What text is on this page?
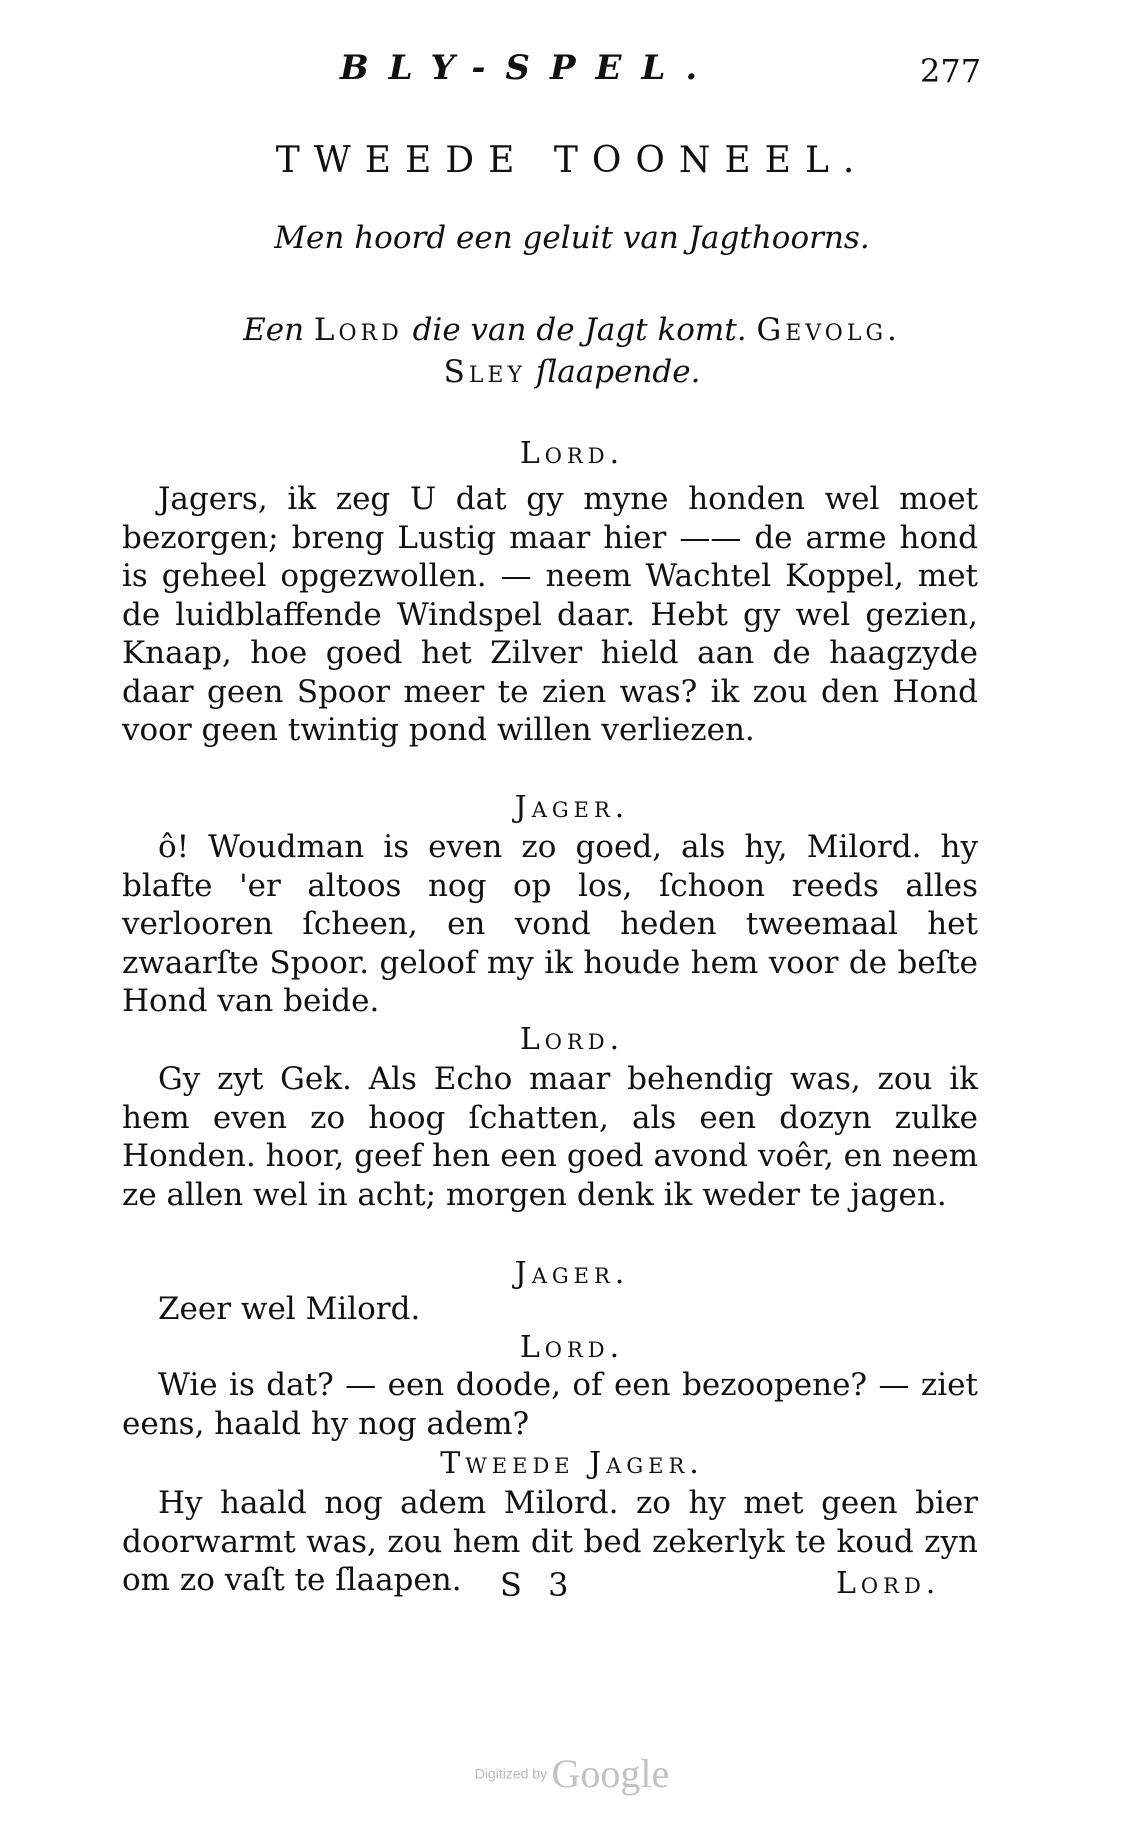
BLY-SPEL.	277
TWEEDE TOONEEL.
Men hoord een geluit van Jagthoorns.
Een Lord die van de Jagt komt. Gevolg.
Sley ſlaapende.
Lord.

Jagers, ik zeg U dat gy myne honden wel moet bezorgen; breng Lustig maar hier —— de arme hond is geheel opgezwollen. — neem Wachtel Koppel, met de luidblaffende Windspel daar. Hebt gy wel gezien, Knaap, hoe goed het Zilver hield aan de haagzyde daar geen Spoor meer te zien was? ik zou den Hond voor geen twintig pond willen verliezen.

Jager.

ô! Woudman is even zo goed, als hy, Milord. hy blafte 'er altoos nog op los, ſchoon reeds alles verlooren ſcheen, en vond heden tweemaal het zwaarſte Spoor. geloof my ik houde hem voor de beſte Hond van beide.

Lord.

Gy zyt Gek. Als Echo maar behendig was, zou ik hem even zo hoog ſchatten, als een dozyn zulke Honden. hoor, geef hen een goed avond voêr, en neem ze allen wel in acht; morgen denk ik weder te jagen.

Jager.

Zeer wel Milord.

Lord.

Wie is dat? — een doode, of een bezoopene? — ziet eens, haald hy nog adem?

Tweede Jager.

Hy haald nog adem Milord. zo hy met geen bier doorwarmt was, zou hem dit bed zekerlyk te koud zyn om zo vaſt te ſlaapen.	S 3	Lord.
Digitized by Google
